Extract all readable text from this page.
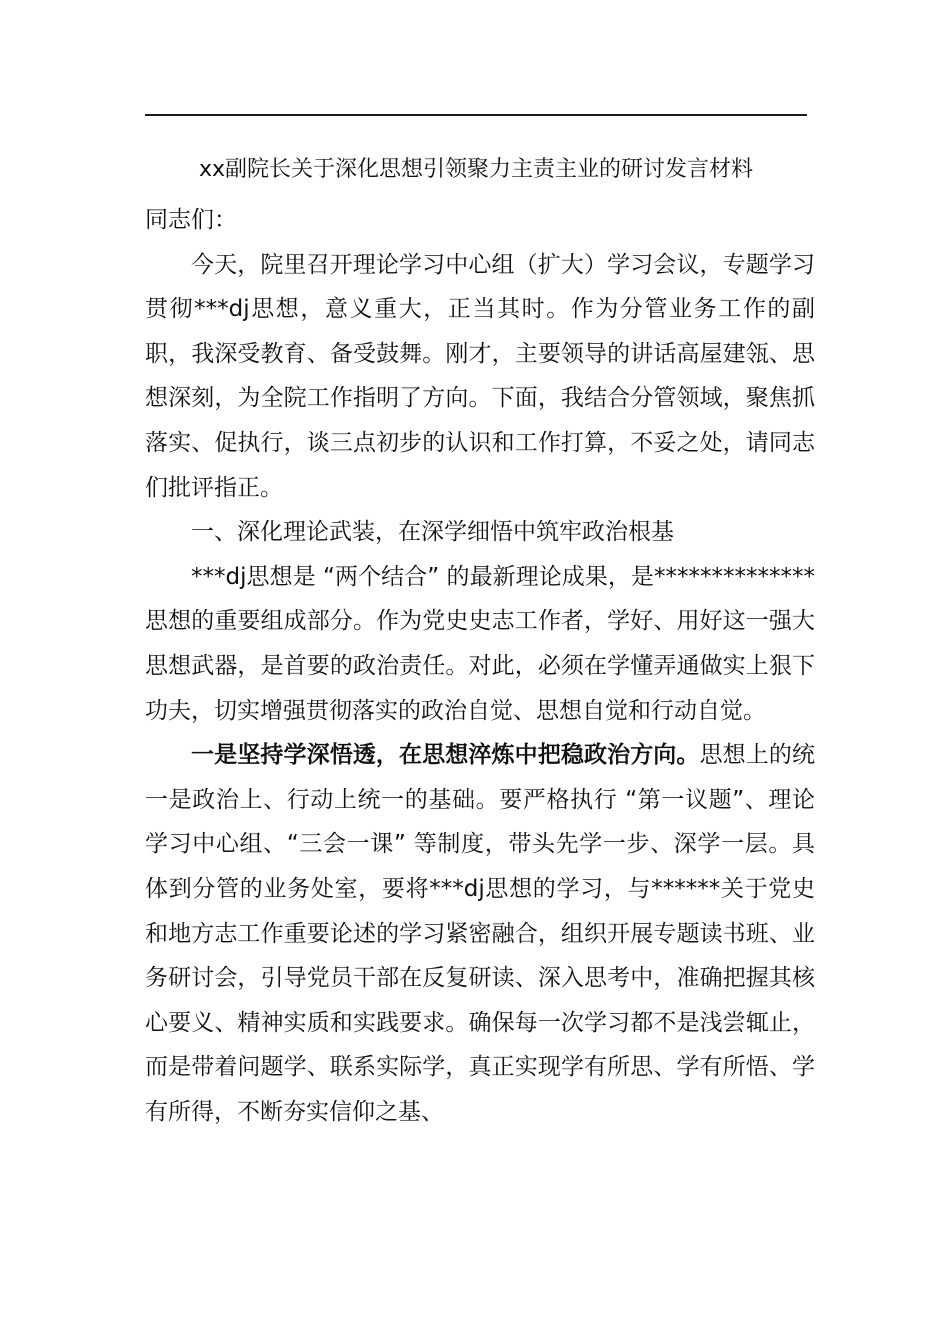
xx副院长关于深化思想引领聚力主责主业的研讨发言材料

同志们：

今天，院里召开理论学习中心组（扩大）学习会议，专题学习贯彻***dj思想，意义重大，正当其时。作为分管业务工作的副职，我深受教育、备受鼓舞。刚才，主要领导的讲话高屋建瓴、思想深刻，为全院工作指明了方向。下面，我结合分管领域，聚焦抓落实、促执行，谈三点初步的认识和工作打算，不妥之处，请同志们批评指正。

一、深化理论武装，在深学细悟中筑牢政治根基

***dj思想是 “两个结合” 的最新理论成果，是**************思想的重要组成部分。作为党史史志工作者，学好、用好这一强大思想武器，是首要的政治责任。对此，必须在学懂弄通做实上狠下功夫，切实增强贯彻落实的政治自觉、思想自觉和行动自觉。

一是坚持学深悟透，在思想淬炼中把稳政治方向。思想上的统一是政治上、行动上统一的基础。要严格执行 “第一议题”、理论学习中心组、“三会一课” 等制度，带头先学一步、深学一层。具体到分管的业务处室，要将***dj思想的学习，与******关于党史和地方志工作重要论述的学习紧密融合，组织开展专题读书班、业务研讨会，引导党员干部在反复研读、深入思考中，准确把握其核心要义、精神实质和实践要求。确保每一次学习都不是浅尝辄止，而是带着问题学、联系实际学，真正实现学有所思、学有所悟、学有所得，不断夯实信仰之基、
